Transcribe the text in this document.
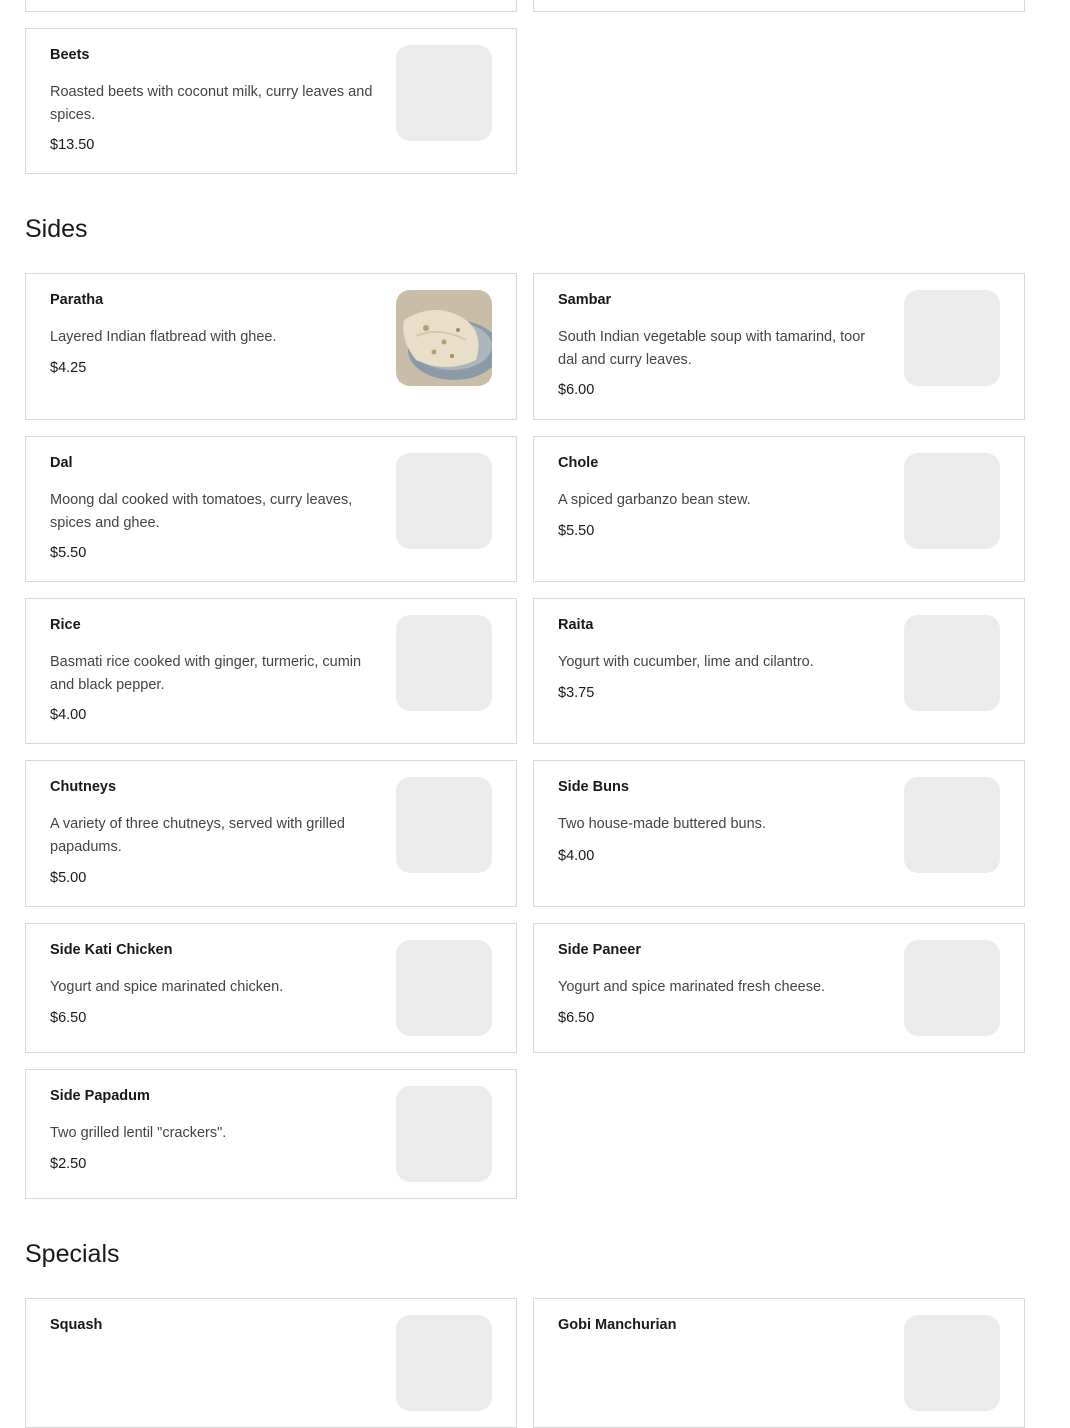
Beets
Roasted beets with coconut milk, curry leaves and spices.
$13.50
Sides
Paratha
Layered Indian flatbread with ghee.
$4.25
Sambar
South Indian vegetable soup with tamarind, toor dal and curry leaves.
$6.00
Dal
Moong dal cooked with tomatoes, curry leaves, spices and ghee.
$5.50
Chole
A spiced garbanzo bean stew.
$5.50
Rice
Basmati rice cooked with ginger, turmeric, cumin and black pepper.
$4.00
Raita
Yogurt with cucumber, lime and cilantro.
$3.75
Chutneys
A variety of three chutneys, served with grilled papadums.
$5.00
Side Buns
Two house-made buttered buns.
$4.00
Side Kati Chicken
Yogurt and spice marinated chicken.
$6.50
Side Paneer
Yogurt and spice marinated fresh cheese.
$6.50
Side Papadum
Two grilled lentil "crackers".
$2.50
Specials
Squash	Gobi Manchurian
